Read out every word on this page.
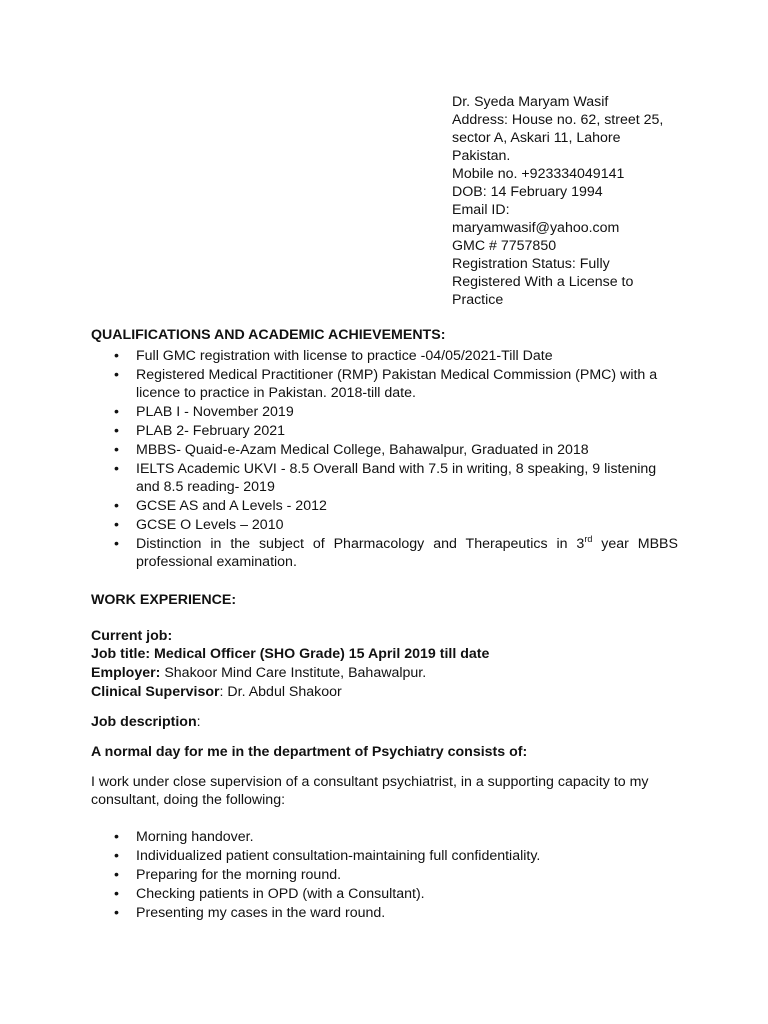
Dr. Syeda Maryam Wasif
Address: House no. 62, street 25,
sector A, Askari 11, Lahore
Pakistan.
Mobile no. +923334049141
DOB: 14 February 1994
Email ID:
maryamwasif@yahoo.com
GMC # 7757850
Registration Status: Fully
Registered With a License to
Practice
QUALIFICATIONS AND ACADEMIC ACHIEVEMENTS:
• Full GMC registration with license to practice -04/05/2021-Till Date
• Registered Medical Practitioner (RMP) Pakistan Medical Commission (PMC) with a licence to practice in Pakistan. 2018-till date.
• PLAB I - November 2019
• PLAB 2- February 2021
• MBBS- Quaid-e-Azam Medical College, Bahawalpur, Graduated in 2018
• IELTS Academic UKVI - 8.5 Overall Band with 7.5 in writing, 8 speaking, 9 listening and 8.5 reading- 2019
• GCSE AS and A Levels - 2012
• GCSE O Levels – 2010
• Distinction in the subject of Pharmacology and Therapeutics in 3rd year MBBS professional examination.
WORK EXPERIENCE:
Current job:
Job title: Medical Officer (SHO Grade) 15 April 2019 till date
Employer: Shakoor Mind Care Institute, Bahawalpur.
Clinical Supervisor: Dr. Abdul Shakoor
Job description:
A normal day for me in the department of Psychiatry consists of:
I work under close supervision of a consultant psychiatrist, in a supporting capacity to my consultant, doing the following:
• Morning handover.
• Individualized patient consultation-maintaining full confidentiality.
• Preparing for the morning round.
• Checking patients in OPD (with a Consultant).
• Presenting my cases in the ward round.
